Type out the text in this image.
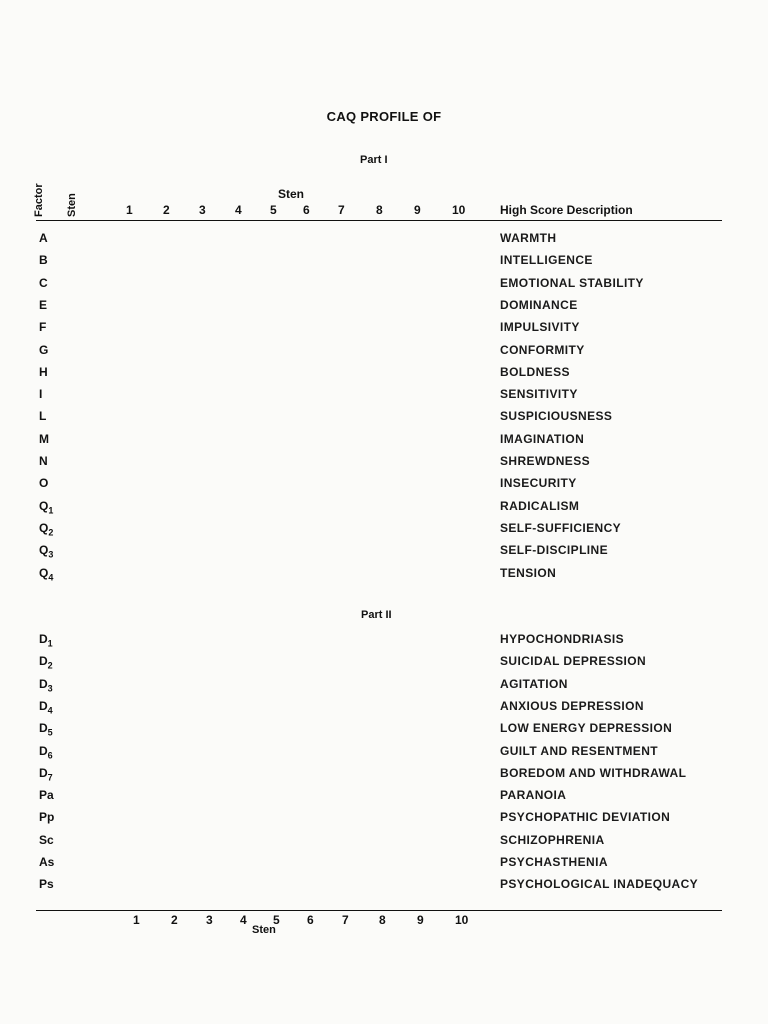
CAQ PROFILE OF
Part I
Factor Sten	Sten
1	2 3 4 5 6 7	8	9	10	High Score Description
A	WARMTH
B	INTELLIGENCE
C	EMOTIONAL STABILITY
E	DOMINANCE
F	IMPULSIVITY
G	CONFORMITY
H	BOLDNESS
I	SENSITIVITY
L	SUSPICIOUSNESS
M	IMAGINATION
N	SHREWDNESS
O	INSECURITY
$Q_1$	RADICALISM
$Q_2$	SELF-SUFFICIENCY
$Q_3$	SELF-DISCIPLINE
$Q_4$	TENSION
Part II
$D_1$	HYPOCHONDRIASIS
$D_2$	SUICIDAL DEPRESSION
$D_3$	AGITATION
$D_4$	ANXIOUS DEPRESSION
$D_5$	LOW ENERGY DEPRESSION
$D_6$	GUILT AND RESENTMENT
$D_7$	BOREDOM AND WITHDRAWAL
Pa	PARANOIA
Pp	PSYCHOPATHIC DEVIATION
Sc	SCHIZOPHRENIA
As	PSYCHASTHENIA
Ps	PSYCHOLOGICAL INADEQUACY
1	2 3 4 5 6 7	8	9	10
Sten
